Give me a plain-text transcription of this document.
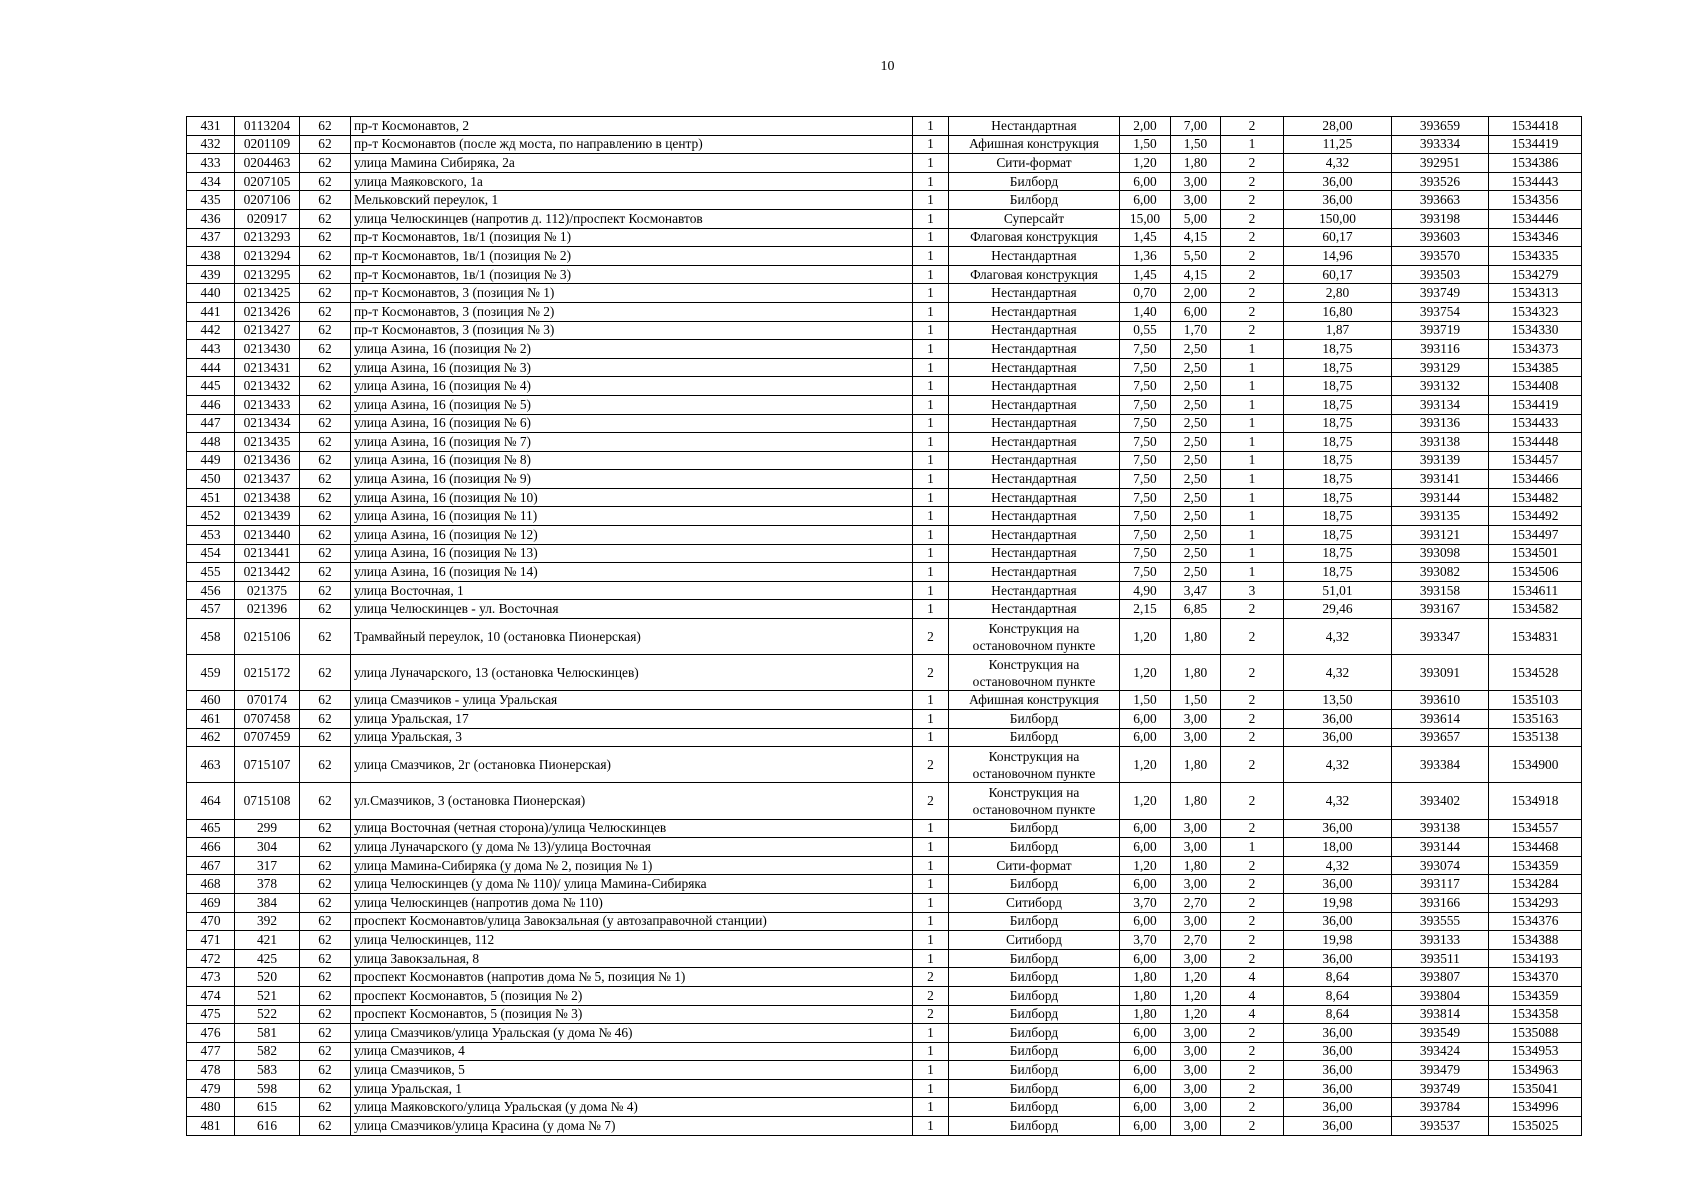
10
431	0113204	62	пр-т Космонавтов, 2	1	Нестандартная	2,00	7,00	2	28,00	393659	1534418
432	0201109	62	пр-т Космонавтов (после жд моста, по направлению в центр)	1	Афишная конструкция	1,50	1,50	1	11,25	393334	1534419
433	0204463	62	улица Мамина Сибиряка, 2а	1	Сити-формат	1,20	1,80	2	4,32	392951	1534386
434	0207105	62	улица Маяковского, 1а	1	Билборд	6,00	3,00	2	36,00	393526	1534443
435	0207106	62	Мельковский переулок, 1	1	Билборд	6,00	3,00	2	36,00	393663	1534356
436	020917	62	улица Челюскинцев (напротив д. 112)/проспект Космонавтов	1	Суперсайт	15,00	5,00	2	150,00	393198	1534446
437	0213293	62	пр-т Космонавтов, 1в/1 (позиция № 1)	1	Флаговая конструкция	1,45	4,15	2	60,17	393603	1534346
438	0213294	62	пр-т Космонавтов, 1в/1 (позиция № 2)	1	Нестандартная	1,36	5,50	2	14,96	393570	1534335
439	0213295	62	пр-т Космонавтов, 1в/1 (позиция № 3)	1	Флаговая конструкция	1,45	4,15	2	60,17	393503	1534279
440	0213425	62	пр-т Космонавтов, 3 (позиция № 1)	1	Нестандартная	0,70	2,00	2	2,80	393749	1534313
441	0213426	62	пр-т Космонавтов, 3 (позиция № 2)	1	Нестандартная	1,40	6,00	2	16,80	393754	1534323
442	0213427	62	пр-т Космонавтов, 3 (позиция № 3)	1	Нестандартная	0,55	1,70	2	1,87	393719	1534330
443	0213430	62	улица Азина, 16 (позиция № 2)	1	Нестандартная	7,50	2,50	1	18,75	393116	1534373
444	0213431	62	улица Азина, 16 (позиция № 3)	1	Нестандартная	7,50	2,50	1	18,75	393129	1534385
445	0213432	62	улица Азина, 16 (позиция № 4)	1	Нестандартная	7,50	2,50	1	18,75	393132	1534408
446	0213433	62	улица Азина, 16 (позиция № 5)	1	Нестандартная	7,50	2,50	1	18,75	393134	1534419
447	0213434	62	улица Азина, 16 (позиция № 6)	1	Нестандартная	7,50	2,50	1	18,75	393136	1534433
448	0213435	62	улица Азина, 16 (позиция № 7)	1	Нестандартная	7,50	2,50	1	18,75	393138	1534448
449	0213436	62	улица Азина, 16 (позиция № 8)	1	Нестандартная	7,50	2,50	1	18,75	393139	1534457
450	0213437	62	улица Азина, 16 (позиция № 9)	1	Нестандартная	7,50	2,50	1	18,75	393141	1534466
451	0213438	62	улица Азина, 16 (позиция № 10)	1	Нестандартная	7,50	2,50	1	18,75	393144	1534482
452	0213439	62	улица Азина, 16 (позиция № 11)	1	Нестандартная	7,50	2,50	1	18,75	393135	1534492
453	0213440	62	улица Азина, 16 (позиция № 12)	1	Нестандартная	7,50	2,50	1	18,75	393121	1534497
454	0213441	62	улица Азина, 16 (позиция № 13)	1	Нестандартная	7,50	2,50	1	18,75	393098	1534501
455	0213442	62	улица Азина, 16 (позиция № 14)	1	Нестандартная	7,50	2,50	1	18,75	393082	1534506
456	021375	62	улица Восточная, 1	1	Нестандартная	4,90	3,47	3	51,01	393158	1534611
457	021396	62	улица Челюскинцев - ул. Восточная	1	Нестандартная	2,15	6,85	2	29,46	393167	1534582
458	0215106	62	Трамвайный переулок, 10 (остановка Пионерская)	2	Конструкция на остановочном пункте	1,20	1,80	2	4,32	393347	1534831
459	0215172	62	улица Луначарского, 13 (остановка Челюскинцев)	2	Конструкция на остановочном пункте	1,20	1,80	2	4,32	393091	1534528
460	070174	62	улица Смазчиков - улица Уральская	1	Афишная конструкция	1,50	1,50	2	13,50	393610	1535103
461	0707458	62	улица Уральская, 17	1	Билборд	6,00	3,00	2	36,00	393614	1535163
462	0707459	62	улица Уральская, 3	1	Билборд	6,00	3,00	2	36,00	393657	1535138
463	0715107	62	улица Смазчиков, 2г (остановка Пионерская)	2	Конструкция на остановочном пункте	1,20	1,80	2	4,32	393384	1534900
464	0715108	62	ул.Смазчиков, 3 (остановка Пионерская)	2	Конструкция на остановочном пункте	1,20	1,80	2	4,32	393402	1534918
465	299	62	улица Восточная (четная сторона)/улица Челюскинцев	1	Билборд	6,00	3,00	2	36,00	393138	1534557
466	304	62	улица Луначарского (у дома № 13)/улица Восточная	1	Билборд	6,00	3,00	1	18,00	393144	1534468
467	317	62	улица Мамина-Сибиряка (у дома № 2, позиция № 1)	1	Сити-формат	1,20	1,80	2	4,32	393074	1534359
468	378	62	улица Челюскинцев (у дома № 110)/ улица Мамина-Сибиряка	1	Билборд	6,00	3,00	2	36,00	393117	1534284
469	384	62	улица Челюскинцев (напротив дома № 110)	1	Ситиборд	3,70	2,70	2	19,98	393166	1534293
470	392	62	проспект Космонавтов/улица Завокзальная (у автозаправочной станции)	1	Билборд	6,00	3,00	2	36,00	393555	1534376
471	421	62	улица Челюскинцев, 112	1	Ситиборд	3,70	2,70	2	19,98	393133	1534388
472	425	62	улица Завокзальная, 8	1	Билборд	6,00	3,00	2	36,00	393511	1534193
473	520	62	проспект Космонавтов (напротив дома № 5, позиция № 1)	2	Билборд	1,80	1,20	4	8,64	393807	1534370
474	521	62	проспект Космонавтов, 5 (позиция № 2)	2	Билборд	1,80	1,20	4	8,64	393804	1534359
475	522	62	проспект Космонавтов, 5 (позиция № 3)	2	Билборд	1,80	1,20	4	8,64	393814	1534358
476	581	62	улица Смазчиков/улица Уральская (у дома № 46)	1	Билборд	6,00	3,00	2	36,00	393549	1535088
477	582	62	улица Смазчиков, 4	1	Билборд	6,00	3,00	2	36,00	393424	1534953
478	583	62	улица Смазчиков, 5	1	Билборд	6,00	3,00	2	36,00	393479	1534963
479	598	62	улица Уральская, 1	1	Билборд	6,00	3,00	2	36,00	393749	1535041
480	615	62	улица Маяковского/улица Уральская (у дома № 4)	1	Билборд	6,00	3,00	2	36,00	393784	1534996
481	616	62	улица Смазчиков/улица Красина (у дома № 7)	1	Билборд	6,00	3,00	2	36,00	393537	1535025
